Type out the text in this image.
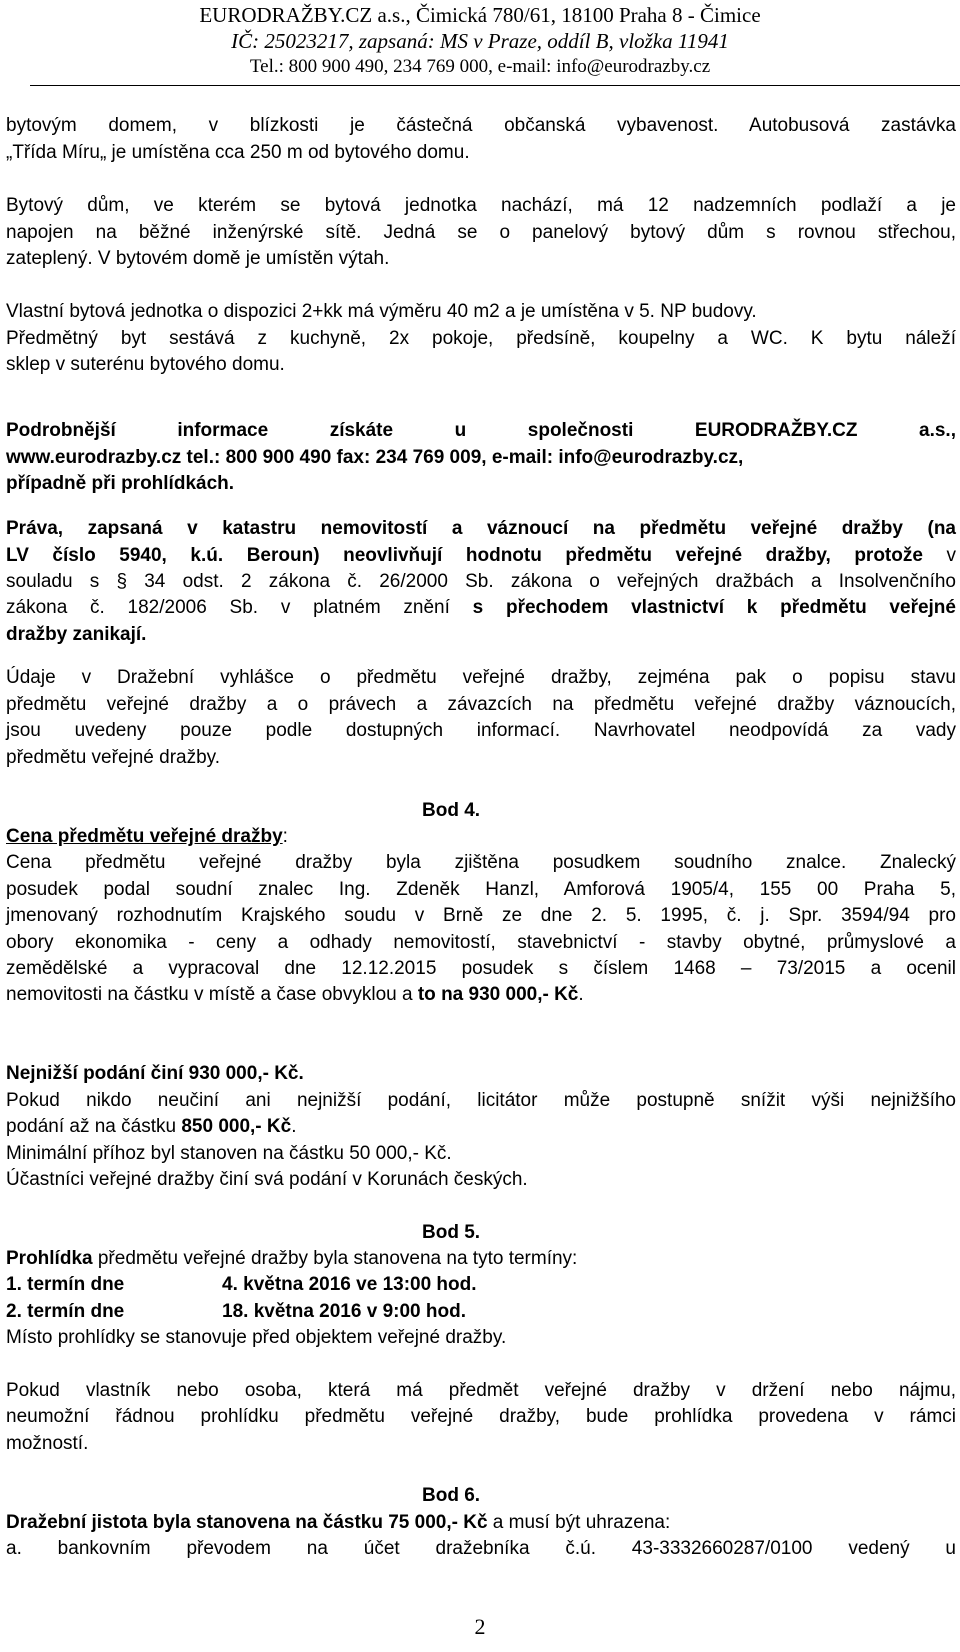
EURODRAŽBY.CZ a.s., Čimická 780/61, 18100 Praha 8 - Čimice
IČ: 25023217, zapsaná: MS v Praze, oddíl B, vložka 11941
Tel.: 800 900 490, 234 769 000, e-mail: info@eurodrazby.cz

bytovým domem, v blízkosti je částečná občanská vybavenost. Autobusová zastávka

„Třída Míru„ je umístěna cca 250 m od bytového domu.

Bytový dům, ve kterém se bytová jednotka nachází, má 12 nadzemních podlaží a je

napojen na běžné inženýrské sítě. Jedná se o panelový bytový dům s rovnou střechou,

zateplený. V bytovém domě je umístěn výtah.

Vlastní bytová jednotka o dispozici 2+kk má výměru 40 m2 a je umístěna v 5. NP budovy.

Předmětný byt sestává z kuchyně, 2x pokoje, předsíně, koupelny a WC. K bytu náleží

sklep v suterénu bytového domu.

Podrobnější informace získáte u společnosti EURODRAŽBY.CZ a.s.,

www.eurodrazby.cz tel.: 800 900 490 fax: 234 769 009, e-mail: info@eurodrazby.cz,

případně při prohlídkách.

Práva, zapsaná v katastru nemovitostí a váznoucí na předmětu veřejné dražby (na

LV číslo 5940, k.ú. Beroun) neovlivňují hodnotu předmětu veřejné dražby, protože v

souladu s § 34 odst. 2 zákona č. 26/2000 Sb. zákona o veřejných dražbách a Insolvenčního

zákona č. 182/2006 Sb. v platném znění s přechodem vlastnictví k předmětu veřejné

dražby zanikají.

Údaje v Dražební vyhlášce o předmětu veřejné dražby, zejména pak o popisu stavu

předmětu veřejné dražby a o právech a závazcích na předmětu veřejné dražby váznoucích,

jsou uvedeny pouze podle dostupných informací. Navrhovatel neodpovídá za vady

předmětu veřejné dražby.

Bod 4.

Cena předmětu veřejné dražby:

Cena předmětu veřejné dražby byla zjištěna posudkem soudního znalce. Znalecký

posudek podal soudní znalec Ing. Zdeněk Hanzl, Amforová 1905/4, 155 00 Praha 5,

jmenovaný rozhodnutím Krajského soudu v Brně ze dne 2. 5. 1995, č. j. Spr. 3594/94 pro

obory ekonomika - ceny a odhady nemovitostí, stavebnictví - stavby obytné, průmyslové a

zemědělské a vypracoval dne 12.12.2015 posudek s číslem 1468 – 73/2015 a ocenil

nemovitosti na částku v místě a čase obvyklou a to na 930 000,- Kč.

Nejnižší podání činí 930 000,- Kč.

Pokud nikdo neučiní ani nejnižší podání, licitátor může postupně snížit výši nejnižšího

podání až na částku 850 000,- Kč.

Minimální příhoz byl stanoven na částku 50 000,- Kč.

Účastníci veřejné dražby činí svá podání v Korunách českých.

Bod 5.

Prohlídka předmětu veřejné dražby byla stanovena na tyto termíny:

1. termín dne	4. května 2016 ve 13:00 hod.

2. termín dne	18. května 2016 v 9:00 hod.

Místo prohlídky se stanovuje před objektem veřejné dražby.

Pokud vlastník nebo osoba, která má předmět veřejné dražby v držení nebo nájmu,

neumožní řádnou prohlídku předmětu veřejné dražby, bude prohlídka provedena v rámci

možností.

Bod 6.

Dražební jistota byla stanovena na částku 75 000,- Kč a musí být uhrazena:

a. bankovním převodem na účet dražebníka č.ú. 43-3332660287/0100 vedený u

2
